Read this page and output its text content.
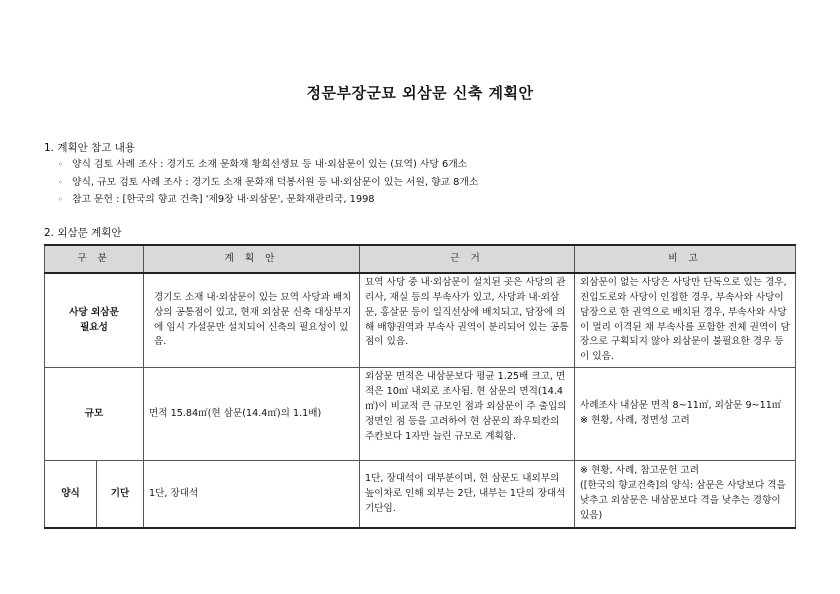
정문부장군묘 외삼문 신축 계획안
1. 계획안 참고 내용
◦ 양식 검토 사례 조사 : 경기도 소재 문화재 황희선생묘 등 내·외삼문이 있는 (묘역) 사당 6개소
◦ 양식, 규모 검토 사례 조사 : 경기도 소재 문화재 덕봉서원 등 내·외삼문이 있는 서원, 향교 8개소
◦ 참고 문헌 : [한국의 향교 건축] '제9장 내·외삼문', 문화재관리국, 1998
2. 외삼문 계획안
구 분		계 획 안	근 거	비 고
사당 외삼문
필요성		경기도 소재 내·외삼문이 있는 묘역 사당과 배치상의 공통점이 있고, 현재 외삼문 신축 대상부지에 임시 가설문만 설치되어 신축의 필요성이 있음.	묘역 사당 중 내·외삼문이 설치된 곳은 사당의 관리사, 재실 등의 부속사가 있고, 사당과 내·외삼문, 홍살문 등이 일직선상에 배치되고, 담장에 의해 배향권역과 부속사 권역이 분리되어 있는 공통점이 있음.	외삼문이 없는 사당은 사당만 단독으로 있는 경우, 진입도로와 사당이 인접한 경우, 부속사와 사당이 담장으로 한 권역으로 배치된 경우, 부속사와 사당이 멀리 이격된 채 부속사를 포함한 전체 권역이 담장으로 구획되지 않아 외삼문이 불필요한 경우 등이 있음.
규모		면적 15.84㎡(현 삼문(14.4㎡)의 1.1배)	외삼문 면적은 내삼문보다 평균 1.25배 크고, 면적은 10㎡ 내외로 조사됨. 현 삼문의 면적(14.4㎡)이 비교적 큰 규모인 점과 외삼문이 주 출입의 정면인 점 등을 고려하여 현 삼문의 좌우퇴칸의 주칸보다 1자만 늘린 규모로 계획함.	사례조사 내삼문 면적 8~11㎡, 외삼문 9~11㎡
※ 현황, 사례, 정면성 고려
양식	기단	1단, 장대석	1단, 장대석이 대부분이며, 현 삼문도 내외부의 높이차로 인해 외부는 2단, 내부는 1단의 장대석기단임.	※ 현황, 사례, 참고문헌 고려
([한국의 향교건축]의 양식: 삼문은 사당보다 격을 낮추고 외삼문은 내삼문보다 격을 낮추는 경향이 있음)
